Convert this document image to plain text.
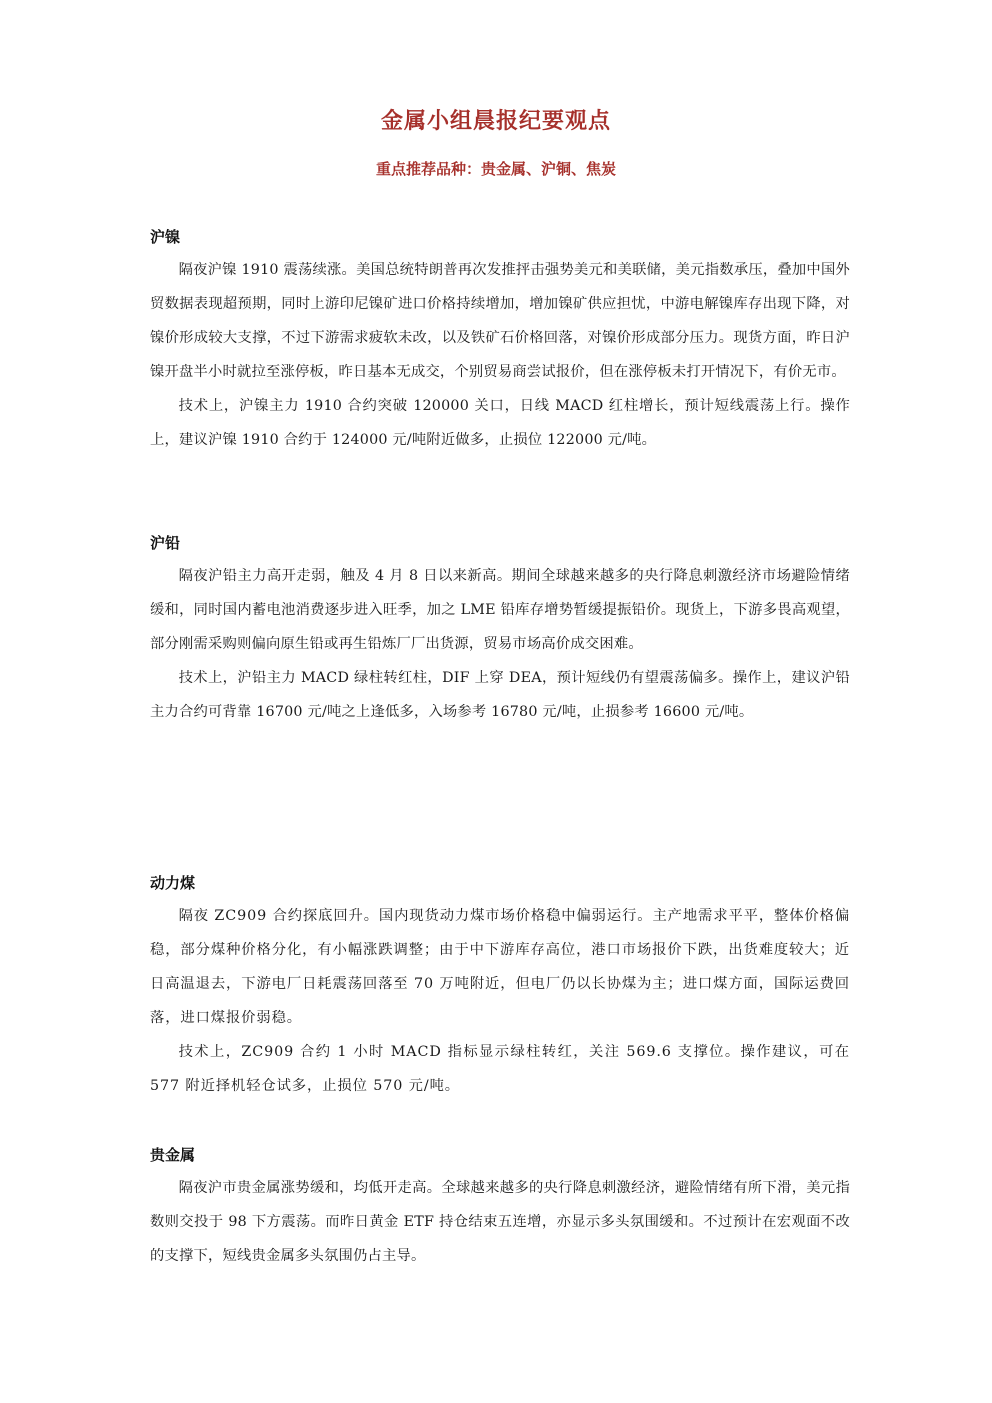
金属小组晨报纪要观点
重点推荐品种：贵金属、沪铜、焦炭
沪镍

隔夜沪镍 1910 震荡续涨。美国总统特朗普再次发推抨击强势美元和美联储，美元指数承压，叠加中国外贸数据表现超预期，同时上游印尼镍矿进口价格持续增加，增加镍矿供应担忧，中游电解镍库存出现下降，对镍价形成较大支撑，不过下游需求疲软未改，以及铁矿石价格回落，对镍价形成部分压力。现货方面，昨日沪镍开盘半小时就拉至涨停板，昨日基本无成交，个别贸易商尝试报价，但在涨停板未打开情况下，有价无市。

技术上，沪镍主力 1910 合约突破 120000 关口，日线 MACD 红柱增长，预计短线震荡上行。操作上，建议沪镍 1910 合约于 124000 元/吨附近做多，止损位 122000 元/吨。

沪铅

隔夜沪铅主力高开走弱，触及 4 月 8 日以来新高。期间全球越来越多的央行降息刺激经济市场避险情绪缓和，同时国内蓄电池消费逐步进入旺季，加之 LME 铅库存增势暂缓提振铅价。现货上，下游多畏高观望，部分刚需采购则偏向原生铅或再生铅炼厂厂出货源，贸易市场高价成交困难。

技术上，沪铅主力 MACD 绿柱转红柱，DIF 上穿 DEA，预计短线仍有望震荡偏多。操作上，建议沪铅主力合约可背靠 16700 元/吨之上逢低多，入场参考 16780 元/吨，止损参考 16600 元/吨。

动力煤

隔夜 ZC909 合约探底回升。国内现货动力煤市场价格稳中偏弱运行。主产地需求平平，整体价格偏稳，部分煤种价格分化，有小幅涨跌调整；由于中下游库存高位，港口市场报价下跌，出货难度较大；近日高温退去，下游电厂日耗震荡回落至 70 万吨附近，但电厂仍以长协煤为主；进口煤方面，国际运费回落，进口煤报价弱稳。

技术上，ZC909 合约 1 小时 MACD 指标显示绿柱转红，关注 569.6 支撑位。操作建议，可在 577 附近择机轻仓试多，止损位 570 元/吨。

贵金属

隔夜沪市贵金属涨势缓和，均低开走高。全球越来越多的央行降息刺激经济，避险情绪有所下滑，美元指数则交投于 98 下方震荡。而昨日黄金 ETF 持仓结束五连增，亦显示多头氛围缓和。不过预计在宏观面不改的支撑下，短线贵金属多头氛围仍占主导。
